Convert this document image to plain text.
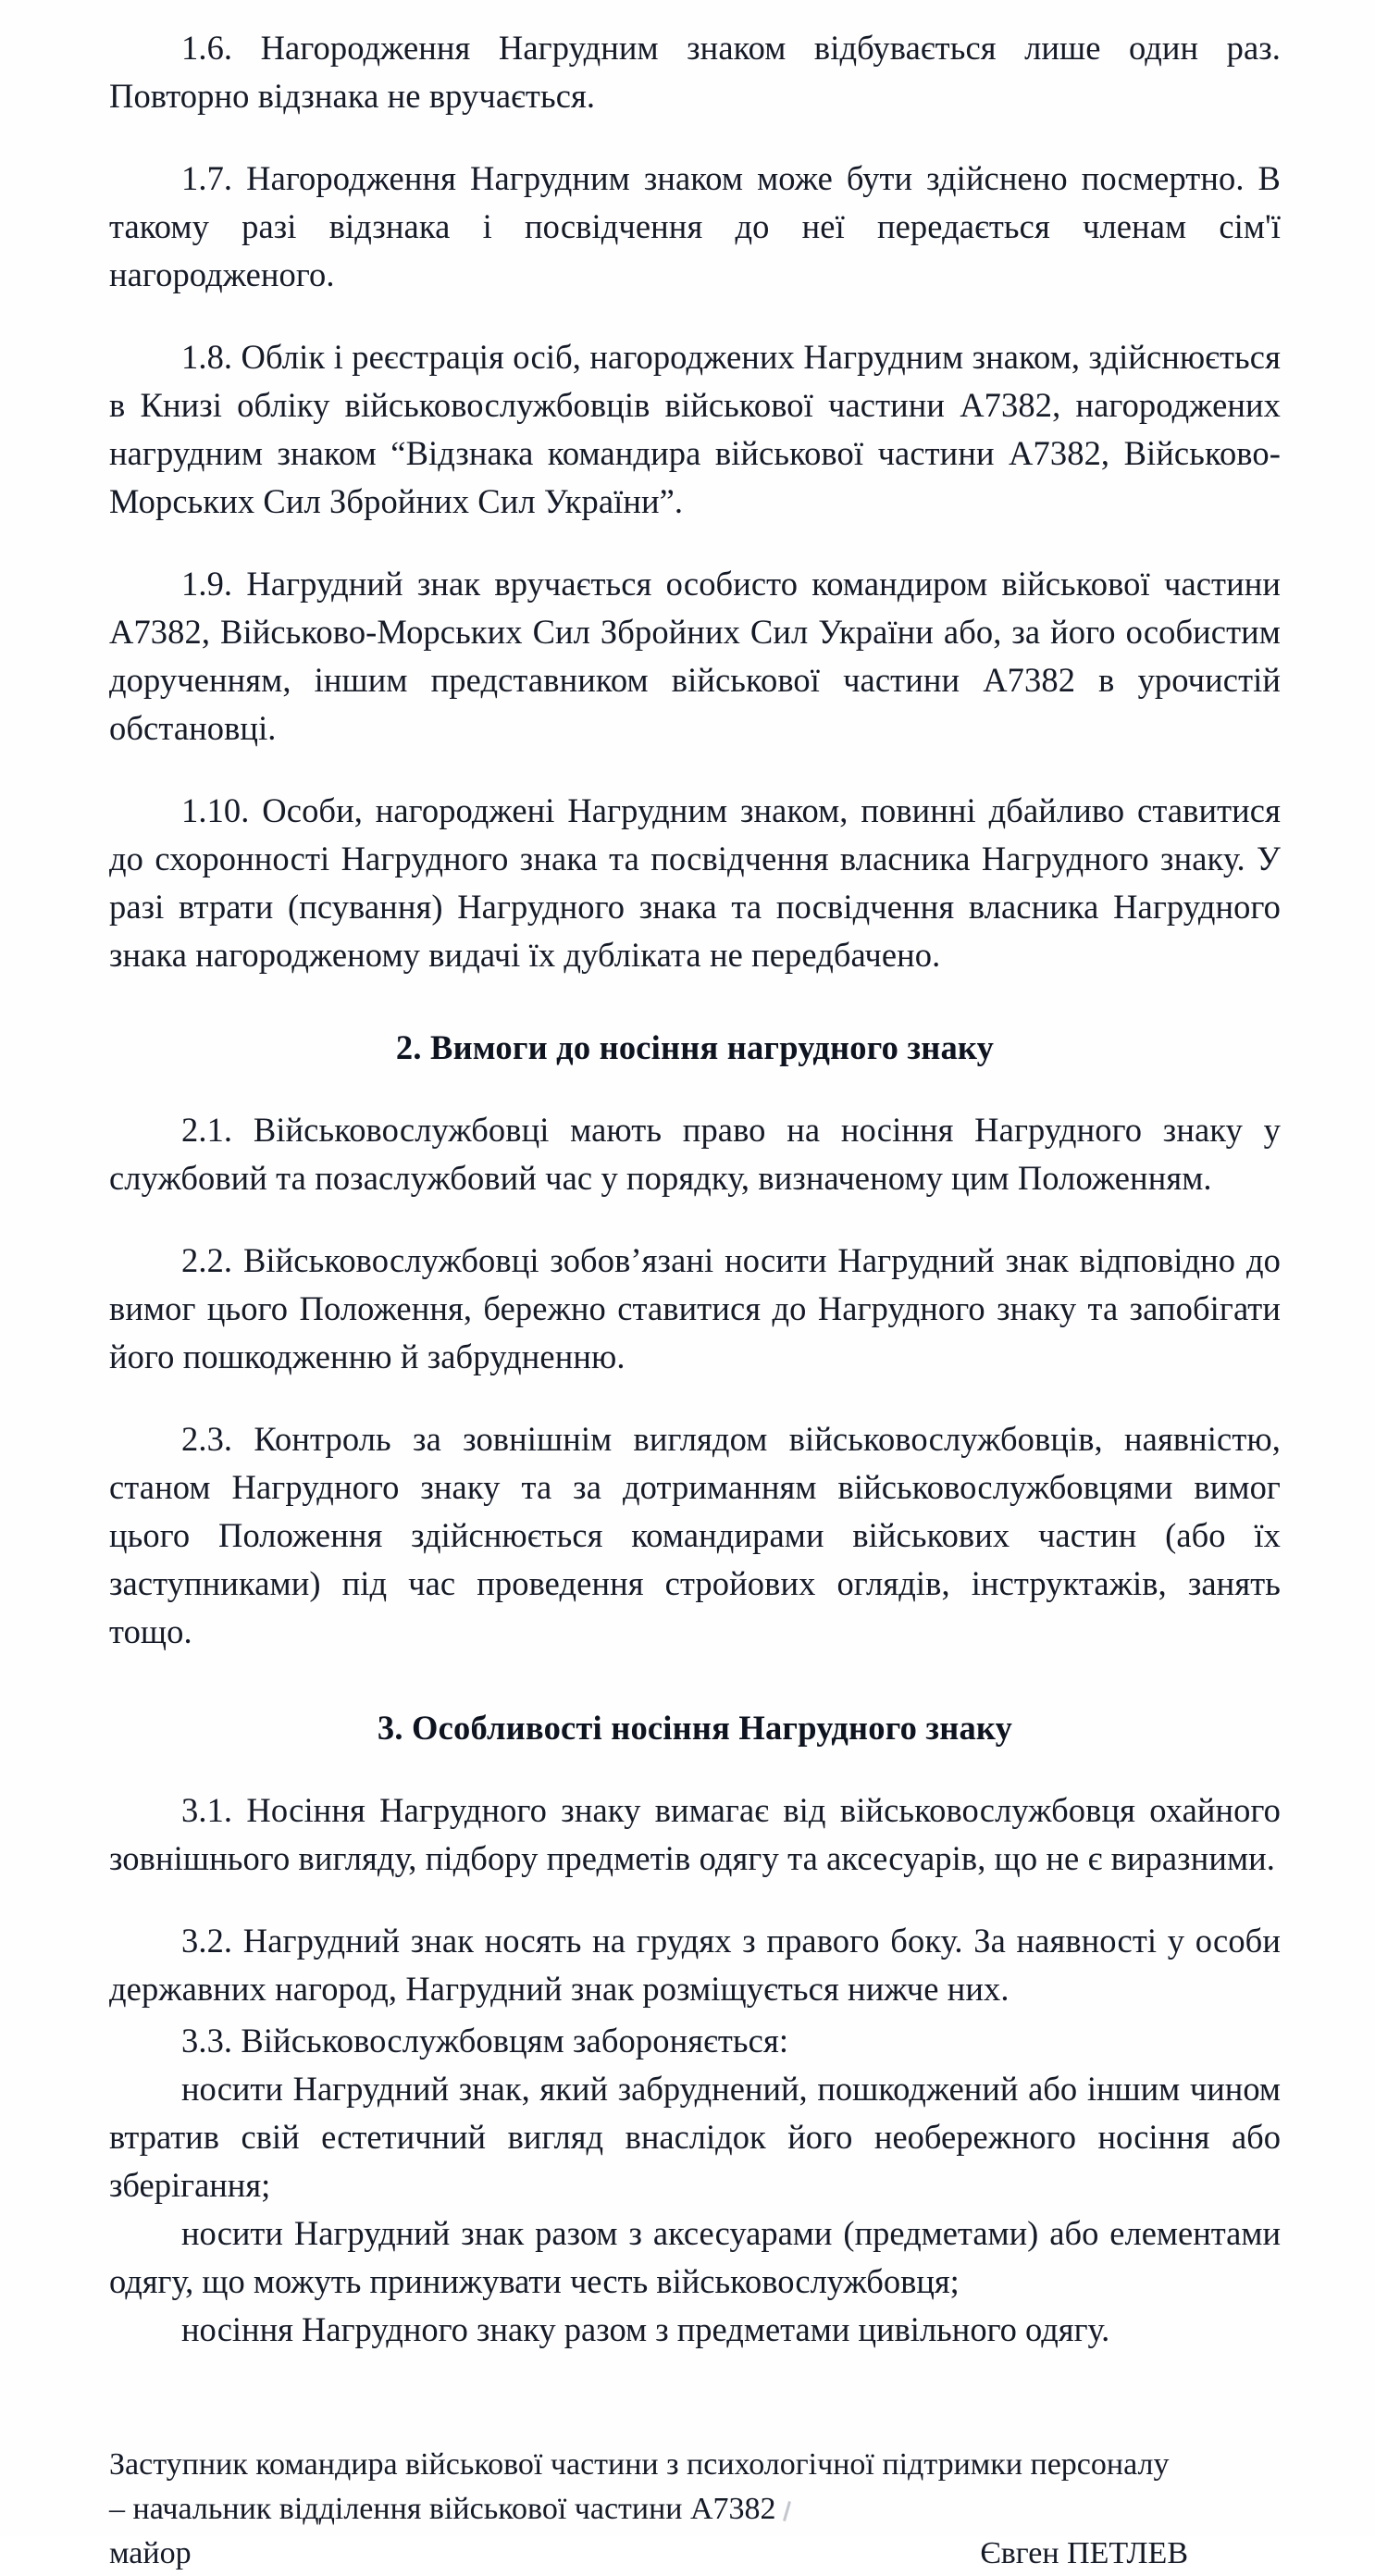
1.6. Нагородження Нагрудним знаком відбувається лише один раз. Повторно відзнака не вручається.

1.7. Нагородження Нагрудним знаком може бути здійснено посмертно. В такому разі відзнака і посвідчення до неї передається членам сім'ї нагородженого.

1.8. Облік і реєстрація осіб, нагороджених Нагрудним знаком, здійснюється в Книзі обліку військовослужбовців військової частини А7382, нагороджених нагрудним знаком “Відзнака командира військової частини А7382, Військово-Морських Сил Збройних Сил України”.

1.9. Нагрудний знак вручається особисто командиром військової частини А7382, Військово-Морських Сил Збройних Сил України або, за його особистим дорученням, іншим представником військової частини А7382 в урочистій обстановці.

1.10. Особи, нагороджені Нагрудним знаком, повинні дбайливо ставитися до схоронності Нагрудного знака та посвідчення власника Нагрудного знаку. У разі втрати (псування) Нагрудного знака та посвідчення власника Нагрудного знака нагородженому видачі їх дубліката не передбачено.

2. Вимоги до носіння нагрудного знаку

2.1. Військовослужбовці мають право на носіння Нагрудного знаку у службовий та позаслужбовий час у порядку, визначеному цим Положенням.

2.2. Військовослужбовці зобов’язані носити Нагрудний знак відповідно до вимог цього Положення, бережно ставитися до Нагрудного знаку та запобігати його пошкодженню й забрудненню.

2.3. Контроль за зовнішнім виглядом військовослужбовців, наявністю, станом Нагрудного знаку та за дотриманням військовослужбовцями вимог цього Положення здійснюється командирами військових частин (або їх заступниками) під час проведення стройових оглядів, інструктажів, занять тощо.

3. Особливості носіння Нагрудного знаку

3.1. Носіння Нагрудного знаку вимагає від військовослужбовця охайного зовнішнього вигляду, підбору предметів одягу та аксесуарів, що не є виразними.

3.2. Нагрудний знак носять на грудях з правого боку. За наявності у особи державних нагород, Нагрудний знак розміщується нижче них.

3.3. Військовослужбовцям забороняється:

носити Нагрудний знак, який забруднений, пошкоджений або іншим чином втратив свій естетичний вигляд внаслідок його необережного носіння або зберігання;

носити Нагрудний знак разом з аксесуарами (предметами) або елементами одягу, що можуть принижувати честь військовослужбовця;

носіння Нагрудного знаку разом з предметами цивільного одягу.

Заступник командира військової частини з психологічної підтримки персоналу

– начальник відділення військової частини А7382

майор	Євген ПЕТЛЕВ
